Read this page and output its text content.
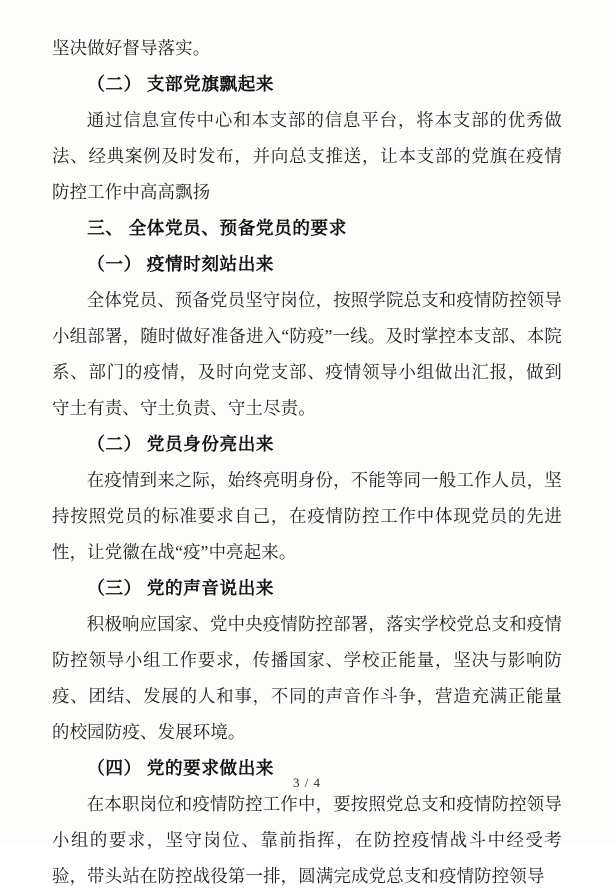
坚决做好督导落实。

（二） 支部党旗飘起来

通过信息宣传中心和本支部的信息平台，将本支部的优秀做法、经典案例及时发布，并向总支推送，让本支部的党旗在疫情防控工作中高高飘扬

三、 全体党员、预备党员的要求

（一） 疫情时刻站出来

全体党员、预备党员坚守岗位，按照学院总支和疫情防控领导小组部署，随时做好准备进入“防疫”一线。及时掌控本支部、本院系、部门的疫情，及时向党支部、疫情领导小组做出汇报，做到守土有责、守土负责、守土尽责。

（二） 党员身份亮出来

在疫情到来之际，始终亮明身份，不能等同一般工作人员，坚持按照党员的标准要求自己，在疫情防控工作中体现党员的先进性，让党徽在战“疫”中亮起来。

（三） 党的声音说出来

积极响应国家、党中央疫情防控部署，落实学校党总支和疫情防控领导小组工作要求，传播国家、学校正能量，坚决与影响防疫、团结、发展的人和事，不同的声音作斗争，营造充满正能量的校园防疫、发展环境。

（四） 党的要求做出来

在本职岗位和疫情防控工作中，要按照党总支和疫情防控领导小组的要求，坚守岗位、靠前指挥，在防控疫情战斗中经受考验，带头站在防控战役第一排，圆满完成党总支和疫情防控领导

3 / 4
